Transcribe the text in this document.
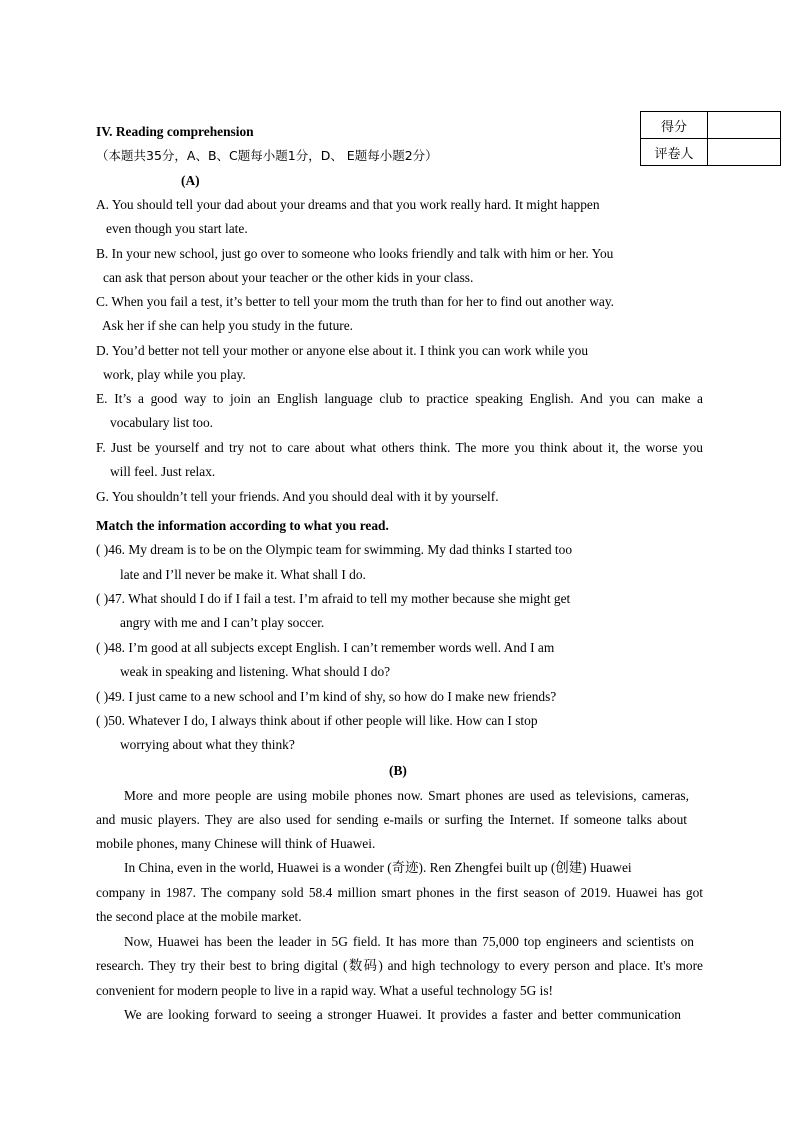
得分	
评卷人	
IV. Reading comprehension
（本题共35分，A、B、C题每小题1分，D、 E题每小题2分）
(A)
A. You should tell your dad about your dreams and that you work really hard. It might happen
even though you start late.
B. In your new school, just go over to someone who looks friendly and talk with him or her. You
can ask that person about your teacher or the other kids in your class.
C. When you fail a test, it’s better to tell your mom the truth than for her to find out another way.
Ask her if she can help you study in the future.
D. You’d better not tell your mother or anyone else about it. I think you can work while you
work, play while you play.
E. It’s a good way to join an English language club to practice speaking English. And you can make a
vocabulary list too.
F. Just be yourself and try not to care about what others think. The more you think about it, the worse you
will feel. Just relax.
G. You shouldn’t tell your friends. And you should deal with it by yourself.
Match the information according to what you read.
( )46. My dream is to be on the Olympic team for swimming. My dad thinks I started too
late and I’ll never be make it. What shall I do.
( )47. What should I do if I fail a test. I’m afraid to tell my mother because she might get
angry with me and I can’t play soccer.
( )48. I’m good at all subjects except English. I can’t remember words well. And I am
weak in speaking and listening. What should I do?
( )49. I just came to a new school and I’m kind of shy, so how do I make new friends?
( )50. Whatever I do, I always think about if other people will like. How can I stop
worrying about what they think?
(B)
More and more people are using mobile phones now. Smart phones are used as televisions, cameras,
and music players. They are also used for sending e-mails or surfing the Internet. If someone talks about
mobile phones, many Chinese will think of Huawei.
In China, even in the world, Huawei is a wonder (奇迹). Ren Zhengfei built up (创建) Huawei
company in 1987. The company sold 58.4 million smart phones in the first season of 2019. Huawei has got
the second place at the mobile market.
Now, Huawei has been the leader in 5G field. It has more than 75,000 top engineers and scientists on
research. They try their best to bring digital (数码) and high technology to every person and place. It's more
convenient for modern people to live in a rapid way. What a useful technology 5G is!
We are looking forward to seeing a stronger Huawei. It provides a faster and better communication
